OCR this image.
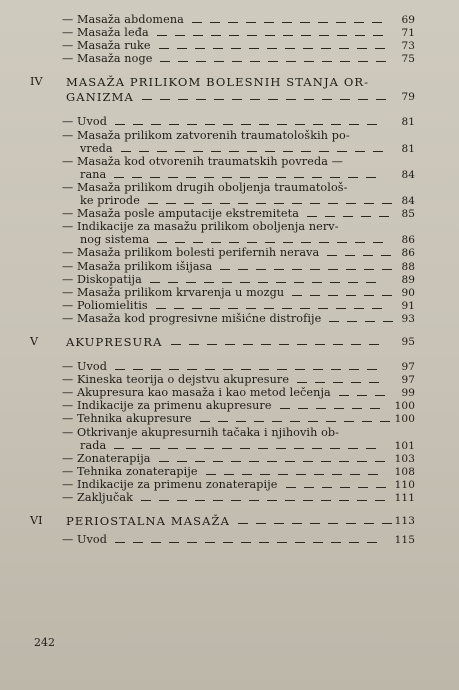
— Masaža abdomena	69
— Masaža leđa	71
— Masaža ruke	73
— Masaža noge	75
IV MASAŽA PRILIKOM BOLESNIH STANJA OR-
GANIZMA	79
— Uvod	81
— Masaža prilikom zatvorenih traumatoloških po-
vreda	81
— Masaža kod otvorenih traumatskih povreda —
rana	84
— Masaža prilikom drugih oboljenja traumatološ-
ke prirode	84
— Masaža posle amputacije ekstremiteta	85
— Indikacije za masažu prilikom oboljenja nerv-
nog sistema	86
— Masaža prilikom bolesti perifernih nerava	86
— Masaža prilikom išijasa	88
— Diskopatija	89
— Masaža prilikom krvarenja u mozgu	90
— Poliomielitis	91
— Masaža kod progresivne mišićne distrofije	93
V AKUPRESURA	95
— Uvod	97
— Kineska teorija o dejstvu akupresure	97
— Akupresura kao masaža i kao metod lečenja	99
— Indikacije za primenu akupresure	100
— Tehnika akupresure	100
— Otkrivanje akupresurnih tačaka i njihovih ob-
rada	101
— Zonaterapija	103
— Tehnika zonaterapije	108
— Indikacije za primenu zonaterapije	110
— Zaključak	111
VI PERIOSTALNA MASAŽA	113
— Uvod	115
242
